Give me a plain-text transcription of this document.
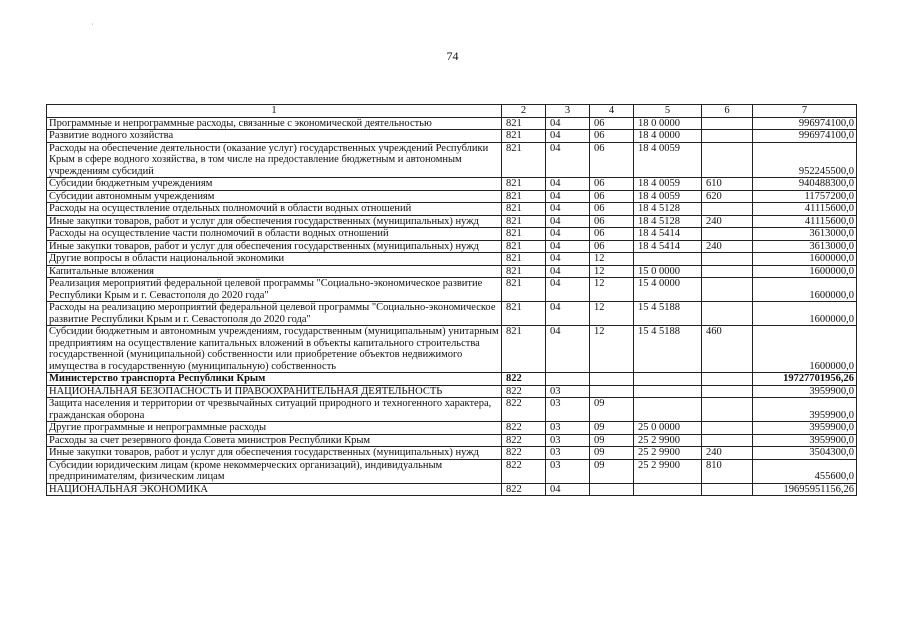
'
74
1	2	3	4	5	6	7
Программные и непрограммные расходы, связанные с экономической деятельностью	821	04	06	18 0 0000		996974100,0
Развитие водного хозяйства	821	04	06	18 4 0000		996974100,0
Расходы на обеспечение деятельности (оказание услуг) государственных учреждений Республики Крым в сфере водного хозяйства, в том числе на предоставление бюджетным и автономным учреждениям субсидий	821	04	06	18 4 0059		952245500,0
Субсидии бюджетным учреждениям	821	04	06	18 4 0059	610	940488300,0
Субсидии автономным учреждениям	821	04	06	18 4 0059	620	11757200,0
Расходы на осуществление отдельных полномочий в области водных отношений	821	04	06	18 4 5128		41115600,0
Иные закупки товаров, работ и услуг для обеспечения государственных (муниципальных) нужд	821	04	06	18 4 5128	240	41115600,0
Расходы на осуществление части полномочий в области водных отношений	821	04	06	18 4 5414		3613000,0
Иные закупки товаров, работ и услуг для обеспечения государственных (муниципальных) нужд	821	04	06	18 4 5414	240	3613000,0
Другие вопросы в области национальной экономики	821	04	12			1600000,0
Капитальные вложения	821	04	12	15 0 0000		1600000,0
Реализация мероприятий федеральной целевой программы "Социально-экономическое развитие Республики Крым и г. Севастополя до 2020 года"	821	04	12	15 4 0000		1600000,0
Расходы на реализацию мероприятий федеральной целевой программы "Социально-экономическое развитие Республики Крым и г. Севастополя до 2020 года"	821	04	12	15 4 5188		1600000,0
Субсидии бюджетным и автономным учреждениям, государственным (муниципальным) унитарным предприятиям на осуществление капитальных вложений в объекты капитального строительства государственной (муниципальной) собственности или приобретение объектов недвижимого имущества в государственную (муниципальную) собственность	821	04	12	15 4 5188	460	1600000,0
Министерство транспорта Республики Крым	822					19727701956,26
НАЦИОНАЛЬНАЯ БЕЗОПАСНОСТЬ И ПРАВООХРАНИТЕЛЬНАЯ ДЕЯТЕЛЬНОСТЬ	822	03				3959900,0
Защита населения и территории от чрезвычайных ситуаций природного и техногенного характера, гражданская оборона	822	03	09			3959900,0
Другие программные и непрограммные расходы	822	03	09	25 0 0000		3959900,0
Расходы за счет резервного фонда Совета министров Республики Крым	822	03	09	25 2 9900		3959900,0
Иные закупки товаров, работ и услуг для обеспечения государственных (муниципальных) нужд	822	03	09	25 2 9900	240	3504300,0
Субсидии юридическим лицам (кроме некоммерческих организаций), индивидуальным предпринимателям, физическим лицам	822	03	09	25 2 9900	810	455600,0
НАЦИОНАЛЬНАЯ ЭКОНОМИКА	822	04				19695951156,26
